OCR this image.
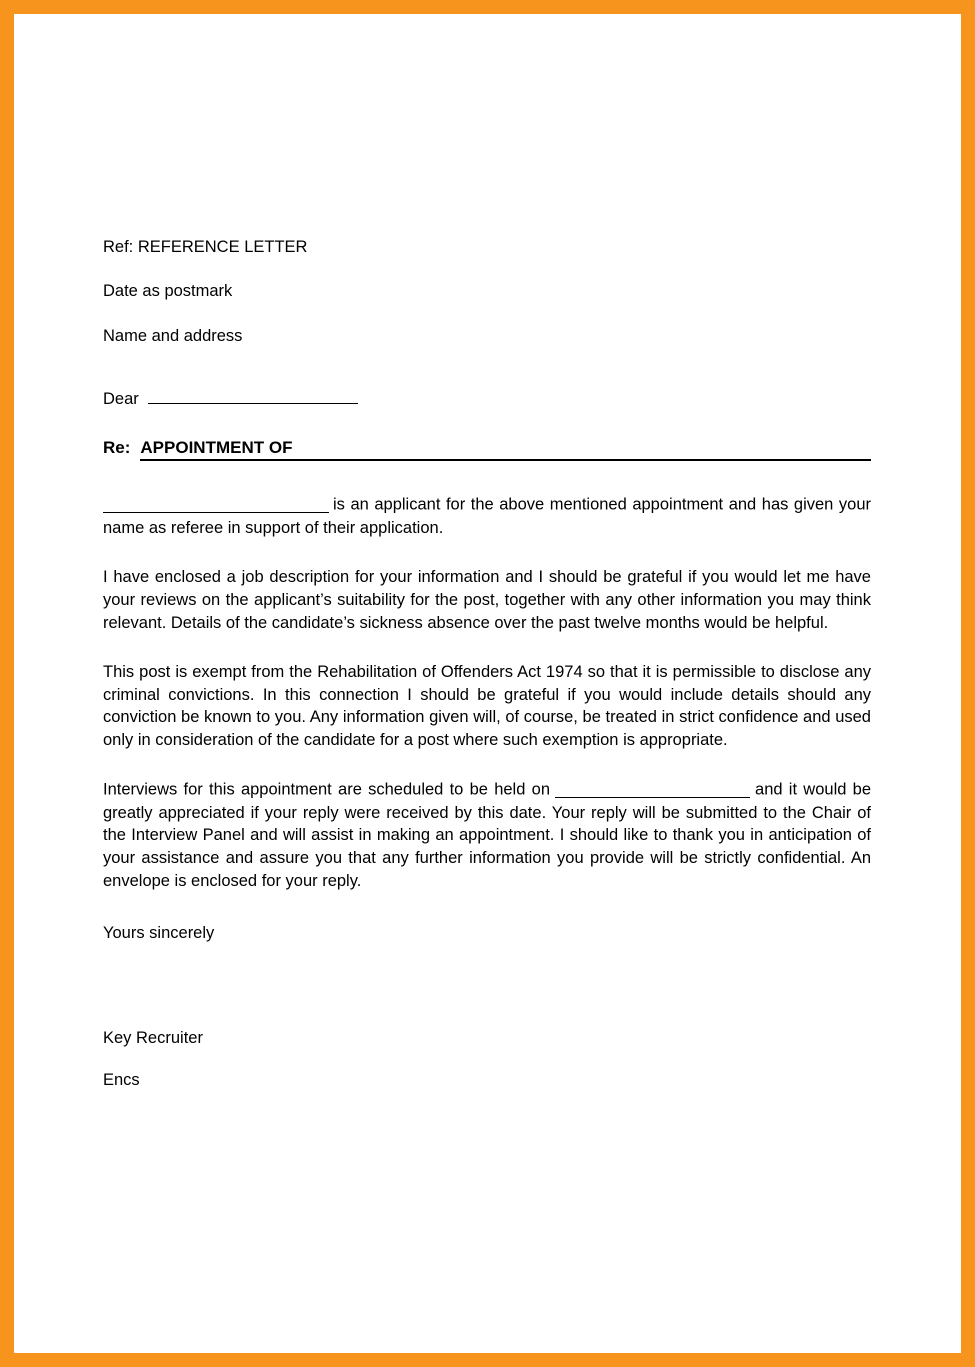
Ref: REFERENCE LETTER

Date as postmark

Name and address

Dear
Re: APPOINTMENT OF

is an applicant for the above mentioned appointment and has given your name as referee in support of their application.

I have enclosed a job description for your information and I should be grateful if you would let me have your reviews on the applicant’s suitability for the post, together with any other information you may think relevant. Details of the candidate’s sickness absence over the past twelve months would be helpful.

This post is exempt from the Rehabilitation of Offenders Act 1974 so that it is permissible to disclose any criminal convictions. In this connection I should be grateful if you would include details should any conviction be known to you. Any information given will, of course, be treated in strict confidence and used only in consideration of the candidate for a post where such exemption is appropriate.

Interviews for this appointment are scheduled to be held on	and it would be greatly appreciated if your reply were received by this date. Your reply will be submitted to the Chair of the Interview Panel and will assist in making an appointment. I should like to thank you in anticipation of your assistance and assure you that any further information you provide will be strictly confidential. An envelope is enclosed for your reply.

Yours sincerely

Key Recruiter

Encs
